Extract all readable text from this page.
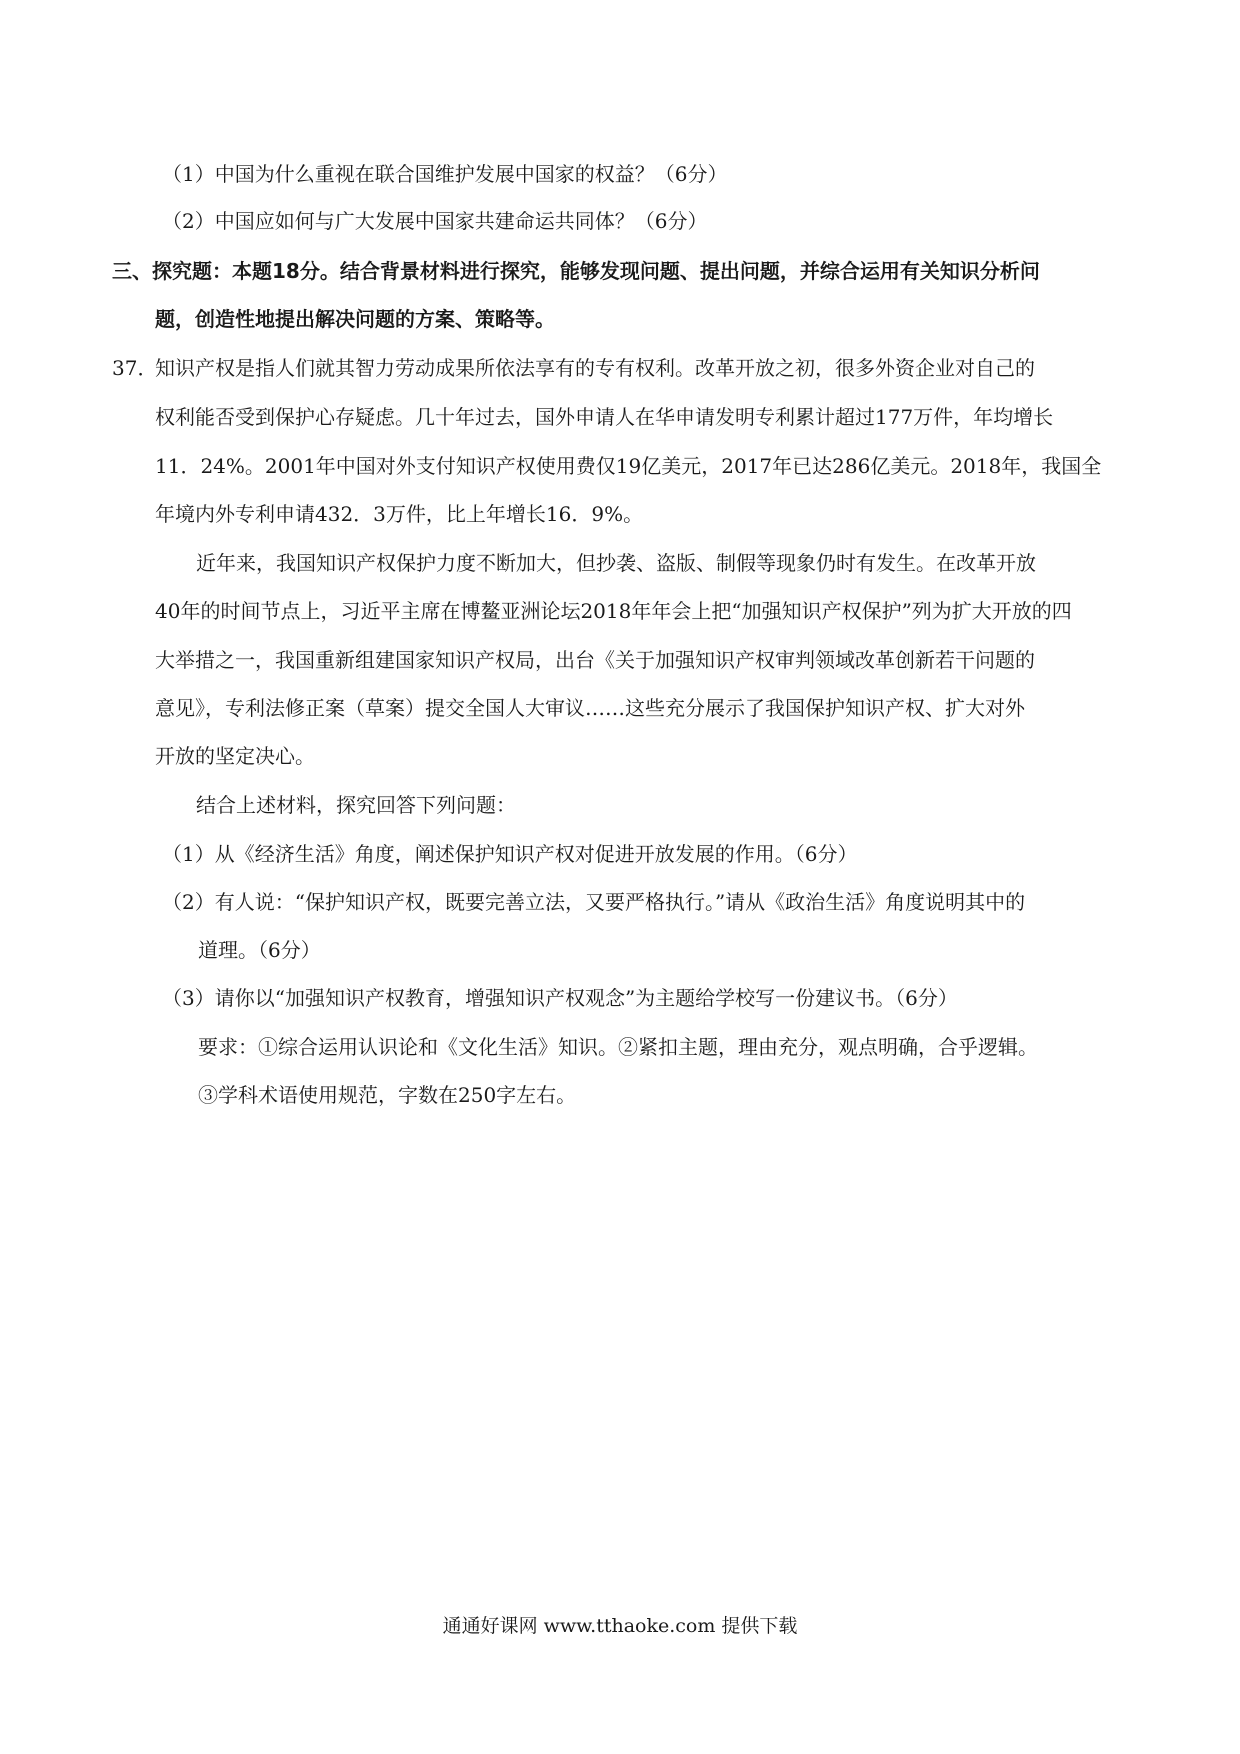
（1）中国为什么重视在联合国维护发展中国家的权益？（6分）
（2）中国应如何与广大发展中国家共建命运共同体？（6分）
三、探究题：本题18分。结合背景材料进行探究，能够发现问题、提出问题，并综合运用有关知识分析问
题，创造性地提出解决问题的方案、策略等。
37．
知识产权是指人们就其智力劳动成果所依法享有的专有权利。改革开放之初，很多外资企业对自己的
权利能否受到保护心存疑虑。几十年过去，国外申请人在华申请发明专利累计超过177万件，年均增长
11．24%。2001年中国对外支付知识产权使用费仅19亿美元，2017年已达286亿美元。2018年，我国全
年境内外专利申请432．3万件，比上年增长16．9%。
近年来，我国知识产权保护力度不断加大，但抄袭、盗版、制假等现象仍时有发生。在改革开放
40年的时间节点上，习近平主席在博鳌亚洲论坛2018年年会上把“加强知识产权保护”列为扩大开放的四
大举措之一，我国重新组建国家知识产权局，出台《关于加强知识产权审判领域改革创新若干问题的
意见》，专利法修正案（草案）提交全国人大审议……这些充分展示了我国保护知识产权、扩大对外
开放的坚定决心。
结合上述材料，探究回答下列问题：
（1）从《经济生活》角度，阐述保护知识产权对促进开放发展的作用。（6分）
（2）有人说：“保护知识产权，既要完善立法，又要严格执行。”请从《政治生活》角度说明其中的
道理。（6分）
（3）请你以“加强知识产权教育，增强知识产权观念”为主题给学校写一份建议书。（6分）
要求：①综合运用认识论和《文化生活》知识。②紧扣主题，理由充分，观点明确，合乎逻辑。
③学科术语使用规范，字数在250字左右。
通通好课网 www.tthaoke.com 提供下载
